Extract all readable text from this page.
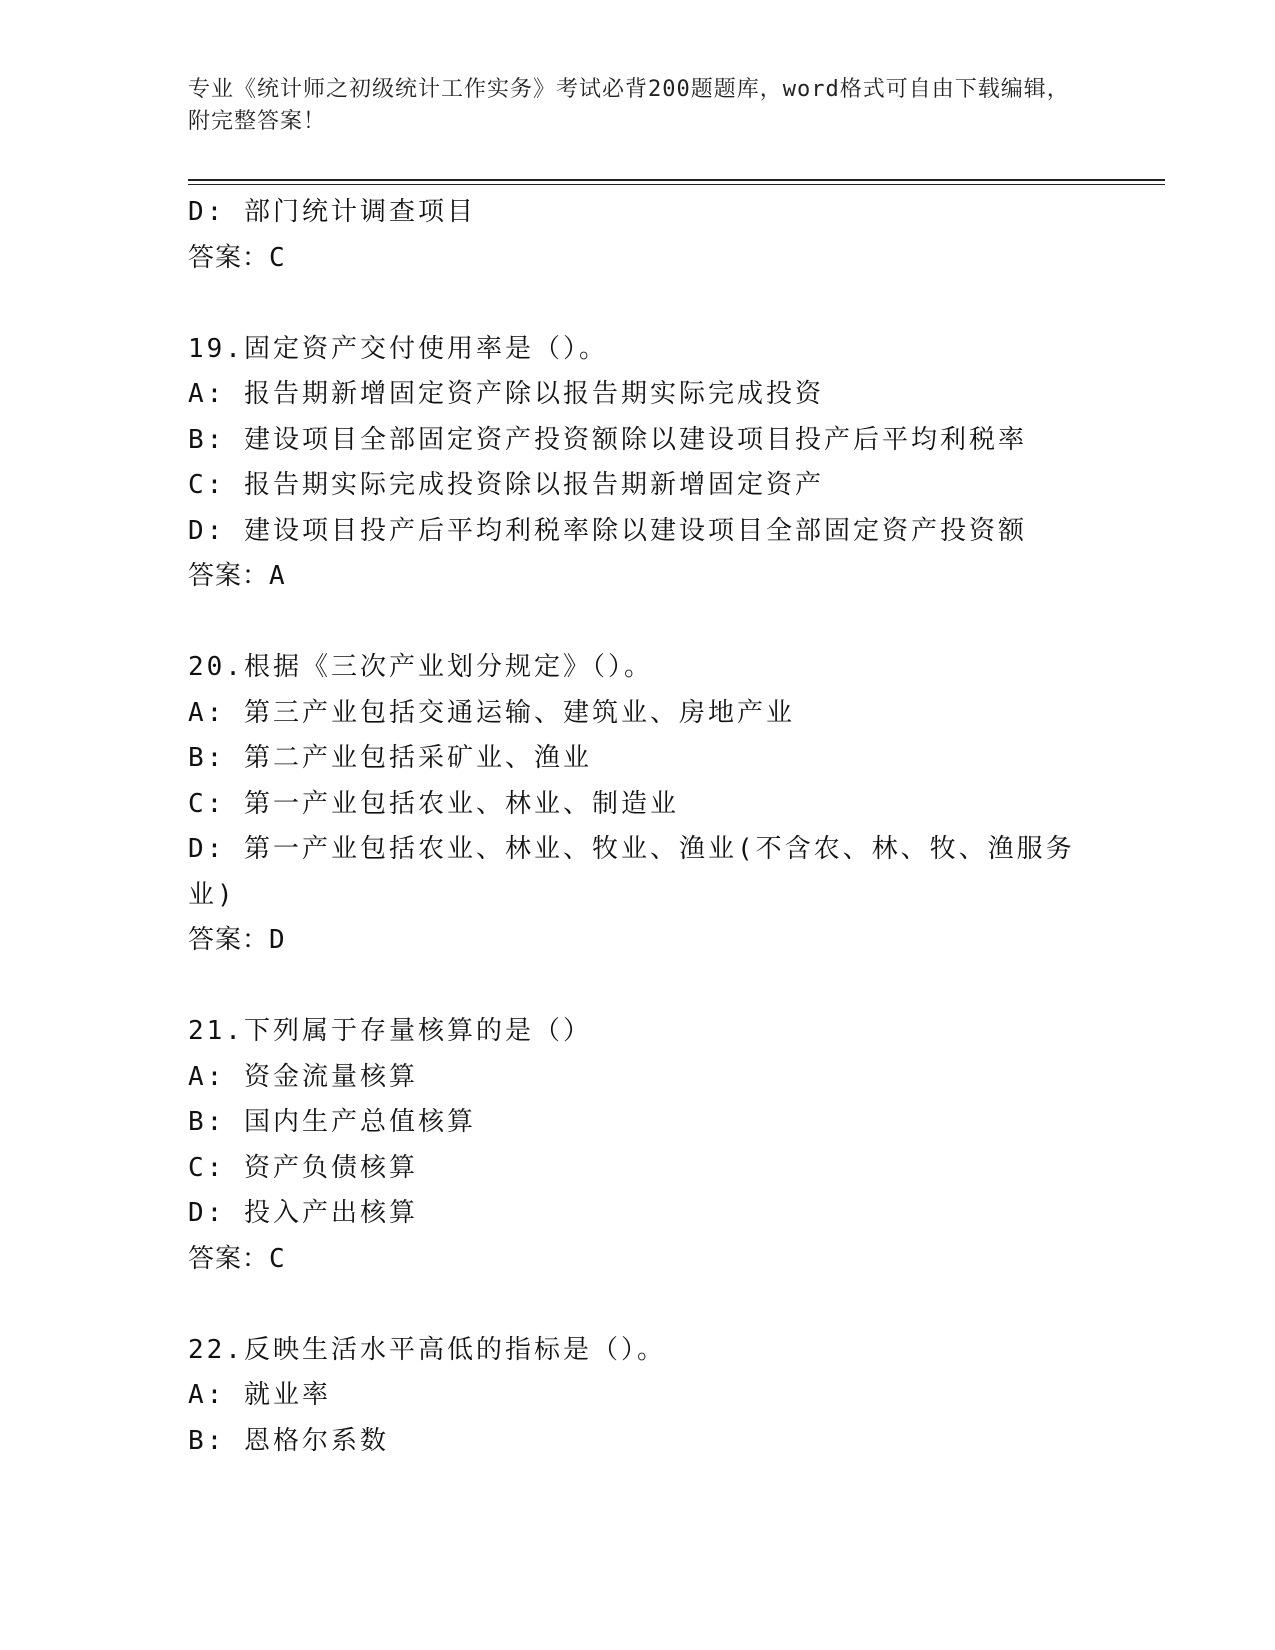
专业《统计师之初级统计工作实务》考试必背200题题库，word格式可自由下载编辑，附完整答案！
D: 部门统计调查项目
答案：C
19.固定资产交付使用率是（）。
A: 报告期新增固定资产除以报告期实际完成投资
B: 建设项目全部固定资产投资额除以建设项目投产后平均利税率
C: 报告期实际完成投资除以报告期新增固定资产
D: 建设项目投产后平均利税率除以建设项目全部固定资产投资额
答案：A
20.根据《三次产业划分规定》（）。
A: 第三产业包括交通运输、建筑业、房地产业
B: 第二产业包括采矿业、渔业
C: 第一产业包括农业、林业、制造业
D: 第一产业包括农业、林业、牧业、渔业(不含农、林、牧、渔服务业)
答案：D
21.下列属于存量核算的是（）
A: 资金流量核算
B: 国内生产总值核算
C: 资产负债核算
D: 投入产出核算
答案：C
22.反映生活水平高低的指标是（）。
A: 就业率
B: 恩格尔系数
